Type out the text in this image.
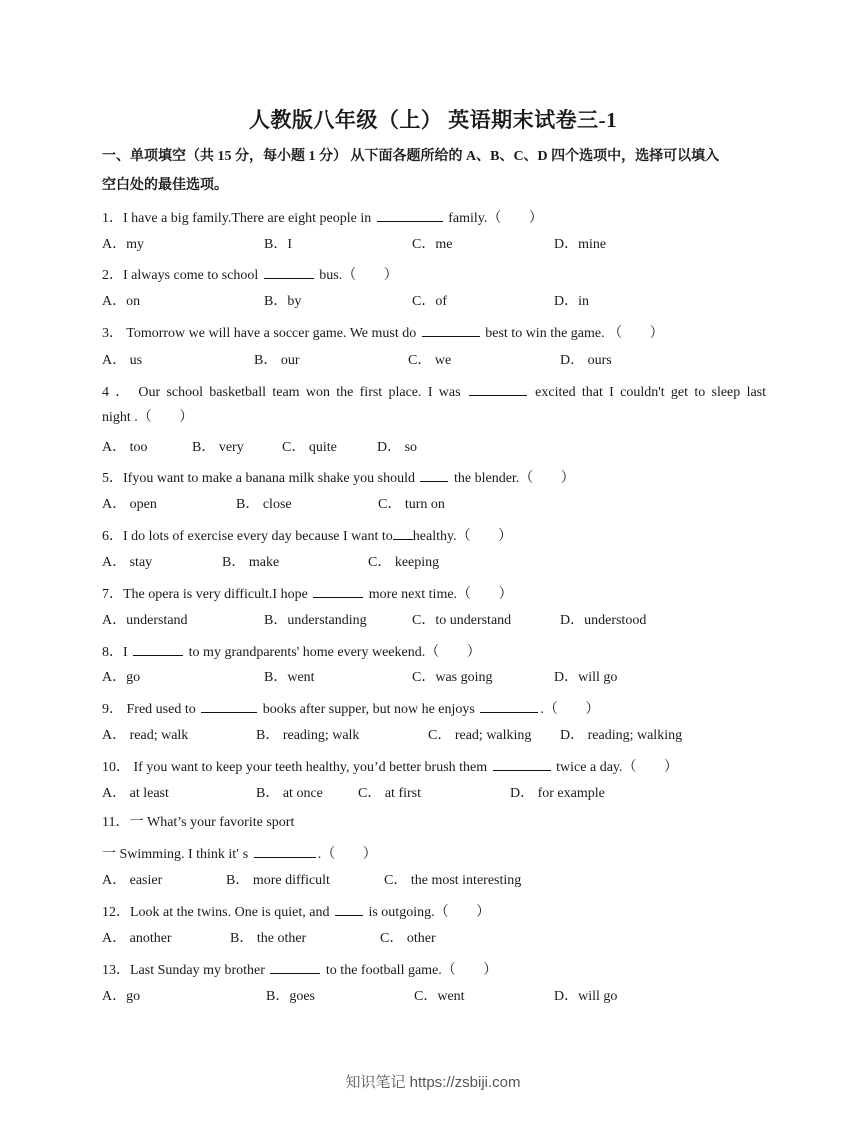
人教版八年级（上） 英语期末试卷三-1
一、单项填空（共 15 分，每小题 1 分） 从下面各题所给的 A、B、C、D 四个选项中，选择可以填入
空白处的最佳选项。
1．I have a big family.There are eight people in	family.（ ）
A．my	B．I	C．me	D．mine
2．I always come to school	bus.（ ）
A．on	B．by	C．of	D．in
3． Tomorrow we will have a soccer game. We must do	best to win the game. （ ）
A． us	B． our	C． we	D． ours
4 ． Our school basketball team won the first place. I was	excited that I couldn't get to sleep last
night .（ ）
A． too	B． very	C． quite	D． so
5．Ifyou want to make a banana milk shake you should	the blender.（ ）
A． open	B． close	C． turn on
6．I do lots of exercise every day because I want to healthy.（ ）
A． stay	B． make	C． keeping
7．The opera is very difficult.I hope	more next time.（ ）
A．understand	B．understanding	C．to understand	D．understood
8．I	to my grandparents' home every weekend.（ ）
A．go	B．went	C．was going	D．will go
9． Fred used to	books after supper, but now he enjoys	.（ ）
A． read; walk	B． reading; walk	C． read; walking D． reading; walking
10． If you want to keep your teeth healthy, you’d better brush them	twice a day.（ ）
A． at least	B． at once	C． at first	D． for example
11．一 What’s your favorite sport
一 Swimming. I think it′ s	.（ ）
A． easier	B． more difficult	C． the most interesting
12．Look at the twins. One is quiet, and	is outgoing.（ ）
A． another	B． the other	C． other
13．Last Sunday my brother	to the football game.（ ）
A．go	B．goes	C．went	D．will go
知识笔记 https://zsbiji.com
